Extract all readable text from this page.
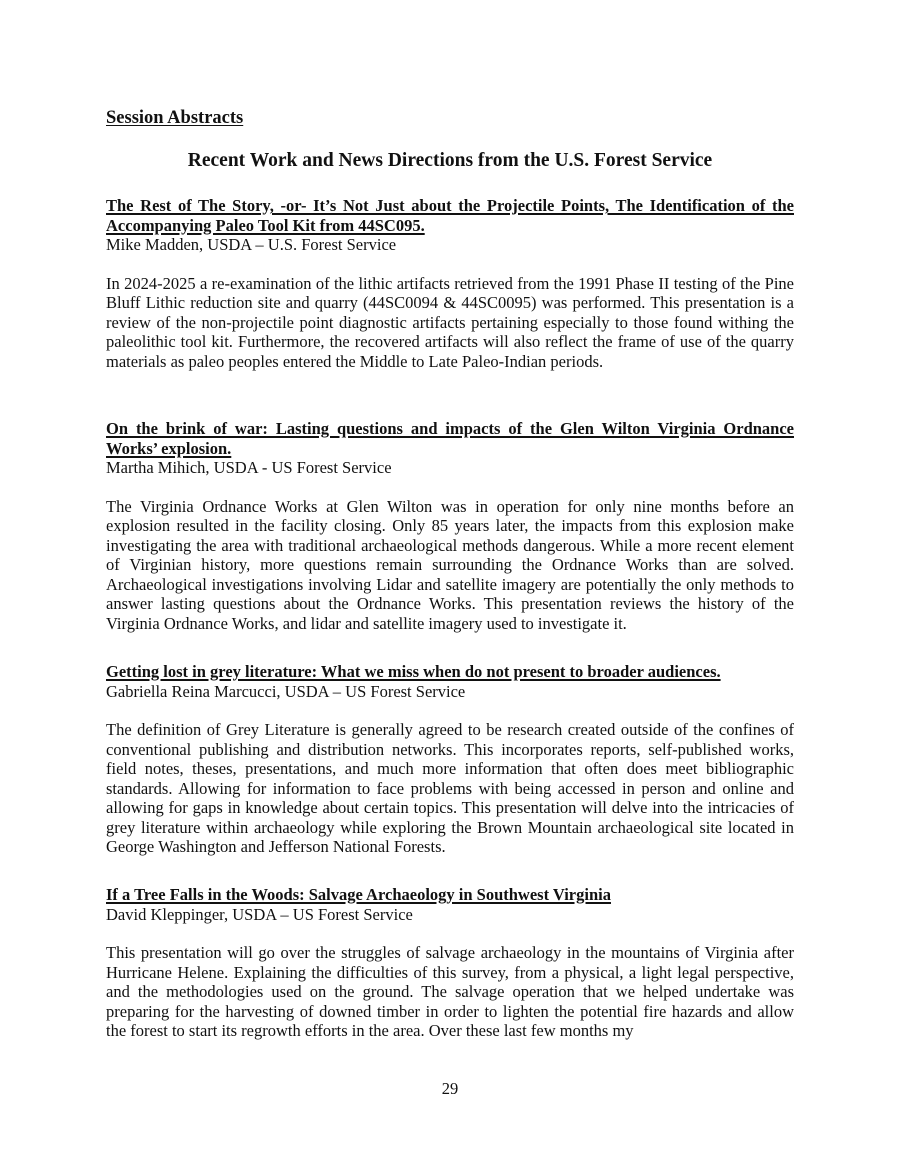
Session Abstracts
Recent Work and News Directions from the U.S. Forest Service

The Rest of The Story, -or- It’s Not Just about the Projectile Points, The Identification of the Accompanying Paleo Tool Kit from 44SC095.

Mike Madden, USDA – U.S. Forest Service

In 2024-2025 a re-examination of the lithic artifacts retrieved from the 1991 Phase II testing of the Pine Bluff Lithic reduction site and quarry (44SC0094 & 44SC0095) was performed. This presentation is a review of the non-projectile point diagnostic artifacts pertaining especially to those found withing the paleolithic tool kit. Furthermore, the recovered artifacts will also reflect the frame of use of the quarry materials as paleo peoples entered the Middle to Late Paleo-Indian periods.

On the brink of war: Lasting questions and impacts of the Glen Wilton Virginia Ordnance Works’ explosion.

Martha Mihich, USDA - US Forest Service

The Virginia Ordnance Works at Glen Wilton was in operation for only nine months before an explosion resulted in the facility closing. Only 85 years later, the impacts from this explosion make investigating the area with traditional archaeological methods dangerous. While a more recent element of Virginian history, more questions remain surrounding the Ordnance Works than are solved. Archaeological investigations involving Lidar and satellite imagery are potentially the only methods to answer lasting questions about the Ordnance Works. This presentation reviews the history of the Virginia Ordnance Works, and lidar and satellite imagery used to investigate it.

Getting lost in grey literature: What we miss when do not present to broader audiences.

Gabriella Reina Marcucci, USDA – US Forest Service

The definition of Grey Literature is generally agreed to be research created outside of the confines of conventional publishing and distribution networks. This incorporates reports, self-published works, field notes, theses, presentations, and much more information that often does meet bibliographic standards. Allowing for information to face problems with being accessed in person and online and allowing for gaps in knowledge about certain topics. This presentation will delve into the intricacies of grey literature within archaeology while exploring the Brown Mountain archaeological site located in George Washington and Jefferson National Forests.

If a Tree Falls in the Woods: Salvage Archaeology in Southwest Virginia

David Kleppinger, USDA – US Forest Service

This presentation will go over the struggles of salvage archaeology in the mountains of Virginia after Hurricane Helene. Explaining the difficulties of this survey, from a physical, a light legal perspective, and the methodologies used on the ground. The salvage operation that we helped undertake was preparing for the harvesting of downed timber in order to lighten the potential fire hazards and allow the forest to start its regrowth efforts in the area. Over these last few months my

29
